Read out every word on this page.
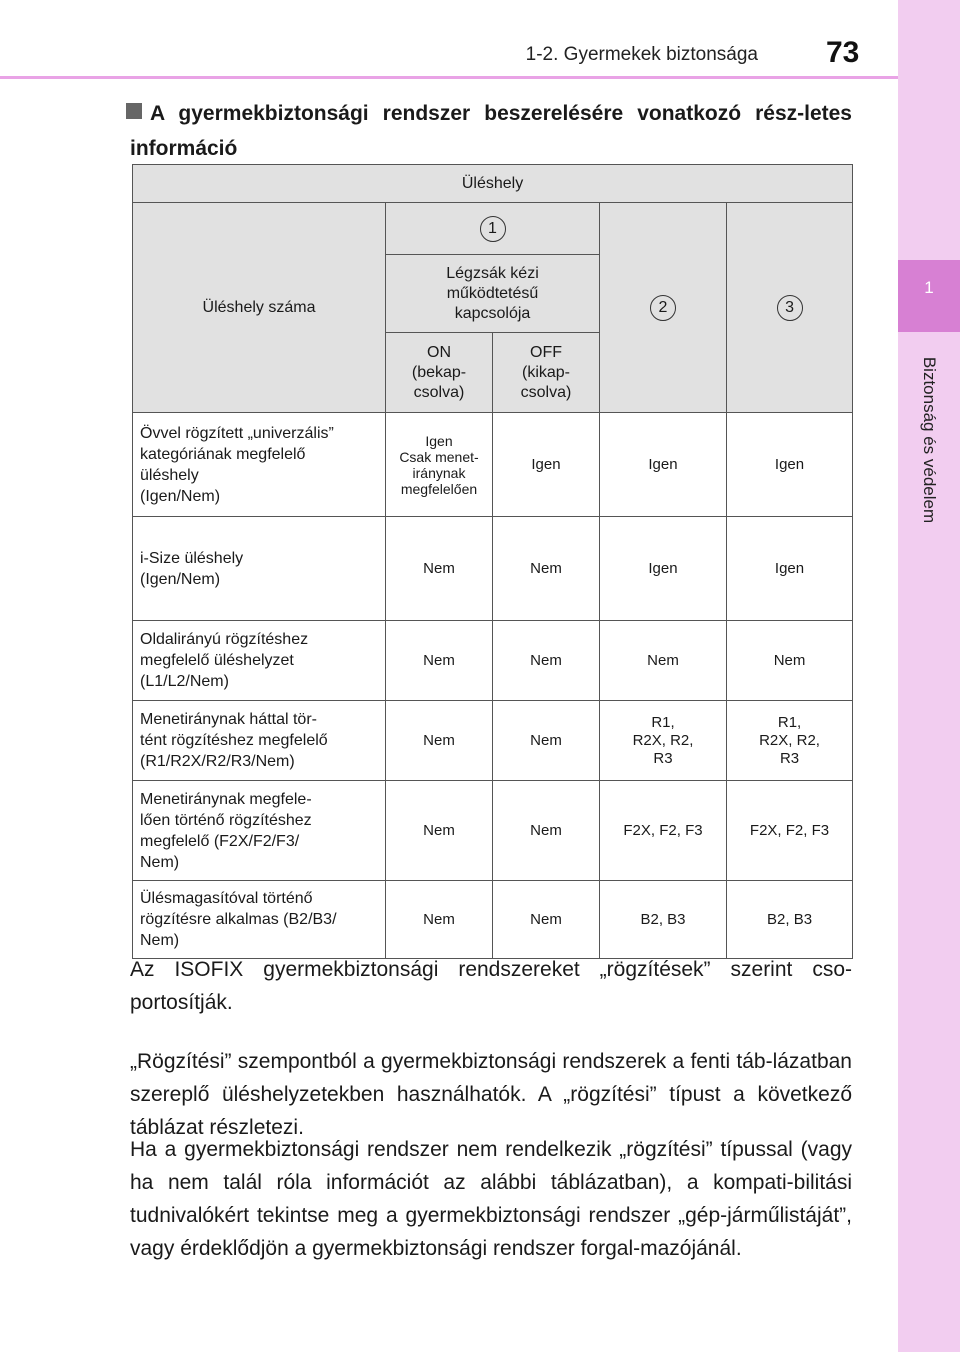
1-2. Gyermekek biztonsága 73
1
Biztonság és védelem
A gyermekbiztonsági rendszer beszerelésére vonatkozó rész-letes információ
Üléshely				
Üléshely száma	1		2	3
	Légzsák kézi
működtetésű
kapcsolója			
	ON
(bekap-
csolva)	OFF
(kikap-
csolva)		
Övvel rögzített „univerzális”
kategóriának megfelelő
üléshely
(Igen/Nem)	Igen
Csak menet-
iránynak
megfelelően	Igen	Igen	Igen
i-Size üléshely
(Igen/Nem)	Nem	Nem	Igen	Igen
Oldalirányú rögzítéshez
megfelelő üléshelyzet
(L1/L2/Nem)	Nem	Nem	Nem	Nem
Menetiránynak háttal tör-
tént rögzítéshez megfelelő
(R1/R2X/R2/R3/Nem)	Nem	Nem	R1,
R2X, R2,
R3	R1,
R2X, R2,
R3
Menetiránynak megfele-
lően történő rögzítéshez
megfelelő (F2X/F2/F3/
Nem)	Nem	Nem	F2X, F2, F3	F2X, F2, F3
Ülésmagasítóval történő
rögzítésre alkalmas (B2/B3/
Nem)	Nem	Nem	B2, B3	B2, B3

Az ISOFIX gyermekbiztonsági rendszereket „rögzítések” szerint cso-portosítják.

„Rögzítési” szempontból a gyermekbiztonsági rendszerek a fenti táb-lázatban szereplő üléshelyzetekben használhatók. A „rögzítési” típust a következő táblázat részletezi.

Ha a gyermekbiztonsági rendszer nem rendelkezik „rögzítési” típussal (vagy ha nem talál róla információt az alábbi táblázatban), a kompati-bilitási tudnivalókért tekintse meg a gyermekbiztonsági rendszer „gép-járműlistáját”, vagy érdeklődjön a gyermekbiztonsági rendszer forgal-mazójánál.
